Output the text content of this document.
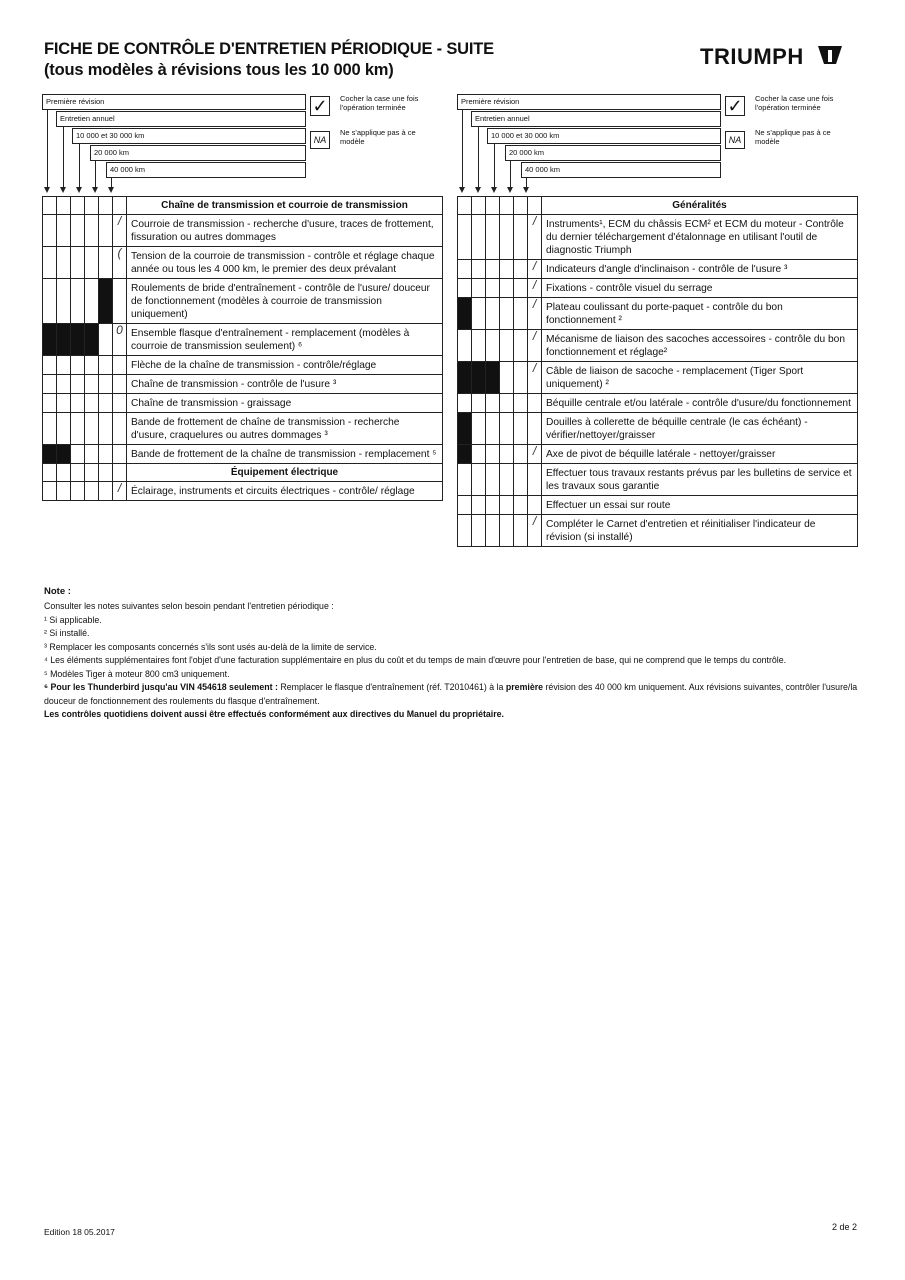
FICHE DE CONTRÔLE D'ENTRETIEN PÉRIODIQUE - SUITE
(tous modèles à révisions tous les 10 000 km)
TRIUMPH
Première révision
Entretien annuel
10 000 et 30 000 km
20 000 km
40 000 km
✓	Cocher la case une fois l'opération terminée
NA
Ne s'applique pas à ce modèle
Première révision
Entretien annuel
10 000 et 30 000 km
20 000 km
40 000 km
✓	Cocher la case une fois l'opération terminée
NA
Ne s'applique pas à ce modèle
						Chaîne de transmission et courroie de transmission

					/	Courroie de transmission - recherche d'usure, traces de frottement, fissuration ou autres dommages

					(	Tension de la courroie de transmission - contrôle et réglage chaque année ou tous les 4 000 km, le premier des deux prévalant
						Roulements de bride d'entraînement - contrôle de l'usure/ douceur de fonctionnement (modèles à courroie de transmission uniquement)

					0	Ensemble flasque d'entraînement - remplacement (modèles à courroie de transmission seulement) ⁶
						Flèche de la chaîne de transmission - contrôle/réglage
						Chaîne de transmission - contrôle de l'usure ³
						Chaîne de transmission - graissage
						Bande de frottement de chaîne de transmission - recherche d'usure, craquelures ou autres dommages ³
						Bande de frottement de la chaîne de transmission - remplacement ⁵
						Équipement électrique

					/	Éclairage, instruments et circuits électriques - contrôle/ réglage
						Généralités

					/	Instruments¹, ECM du châssis ECM² et ECM du moteur - Contrôle du dernier téléchargement d'étalonnage en utilisant l'outil de diagnostic Triumph

					/	Indicateurs d'angle d'inclinaison - contrôle de l'usure ³

					/	Fixations - contrôle visuel du serrage

					/	Plateau coulissant du porte-paquet - contrôle du bon fonctionnement ²

					/	Mécanisme de liaison des sacoches accessoires - contrôle du bon fonctionnement et réglage²

					/	Câble de liaison de sacoche - remplacement (Tiger Sport uniquement) ²
						Béquille centrale et/ou latérale - contrôle d'usure/du fonctionnement
						Douilles à collerette de béquille centrale (le cas échéant) - vérifier/nettoyer/graisser

					/	Axe de pivot de béquille latérale - nettoyer/graisser
						Effectuer tous travaux restants prévus par les bulletins de service et les travaux sous garantie
						Effectuer un essai sur route

					/	Compléter le Carnet d'entretien et réinitialiser l'indicateur de révision (si installé)
Note :

Consulter les notes suivantes selon besoin pendant l'entretien périodique :

¹ Si applicable.

² Si installé.

³ Remplacer les composants concernés s'ils sont usés au-delà de la limite de service.

⁴ Les éléments supplémentaires font l'objet d'une facturation supplémentaire en plus du coût et du temps de main d'œuvre pour l'entretien de base, qui ne comprend que le temps du contrôle.

⁵ Modèles Tiger à moteur 800 cm3 uniquement.

⁶ Pour les Thunderbird jusqu'au VIN 454618 seulement : Remplacer le flasque d'entraînement (réf. T2010461) à la première révision des 40 000 km uniquement. Aux révisions suivantes, contrôler l'usure/la douceur de fonctionnement des roulements du flasque d'entraînement.

Les contrôles quotidiens doivent aussi être effectués conformément aux directives du Manuel du propriétaire.

Edition 18 05.2017	2 de 2
